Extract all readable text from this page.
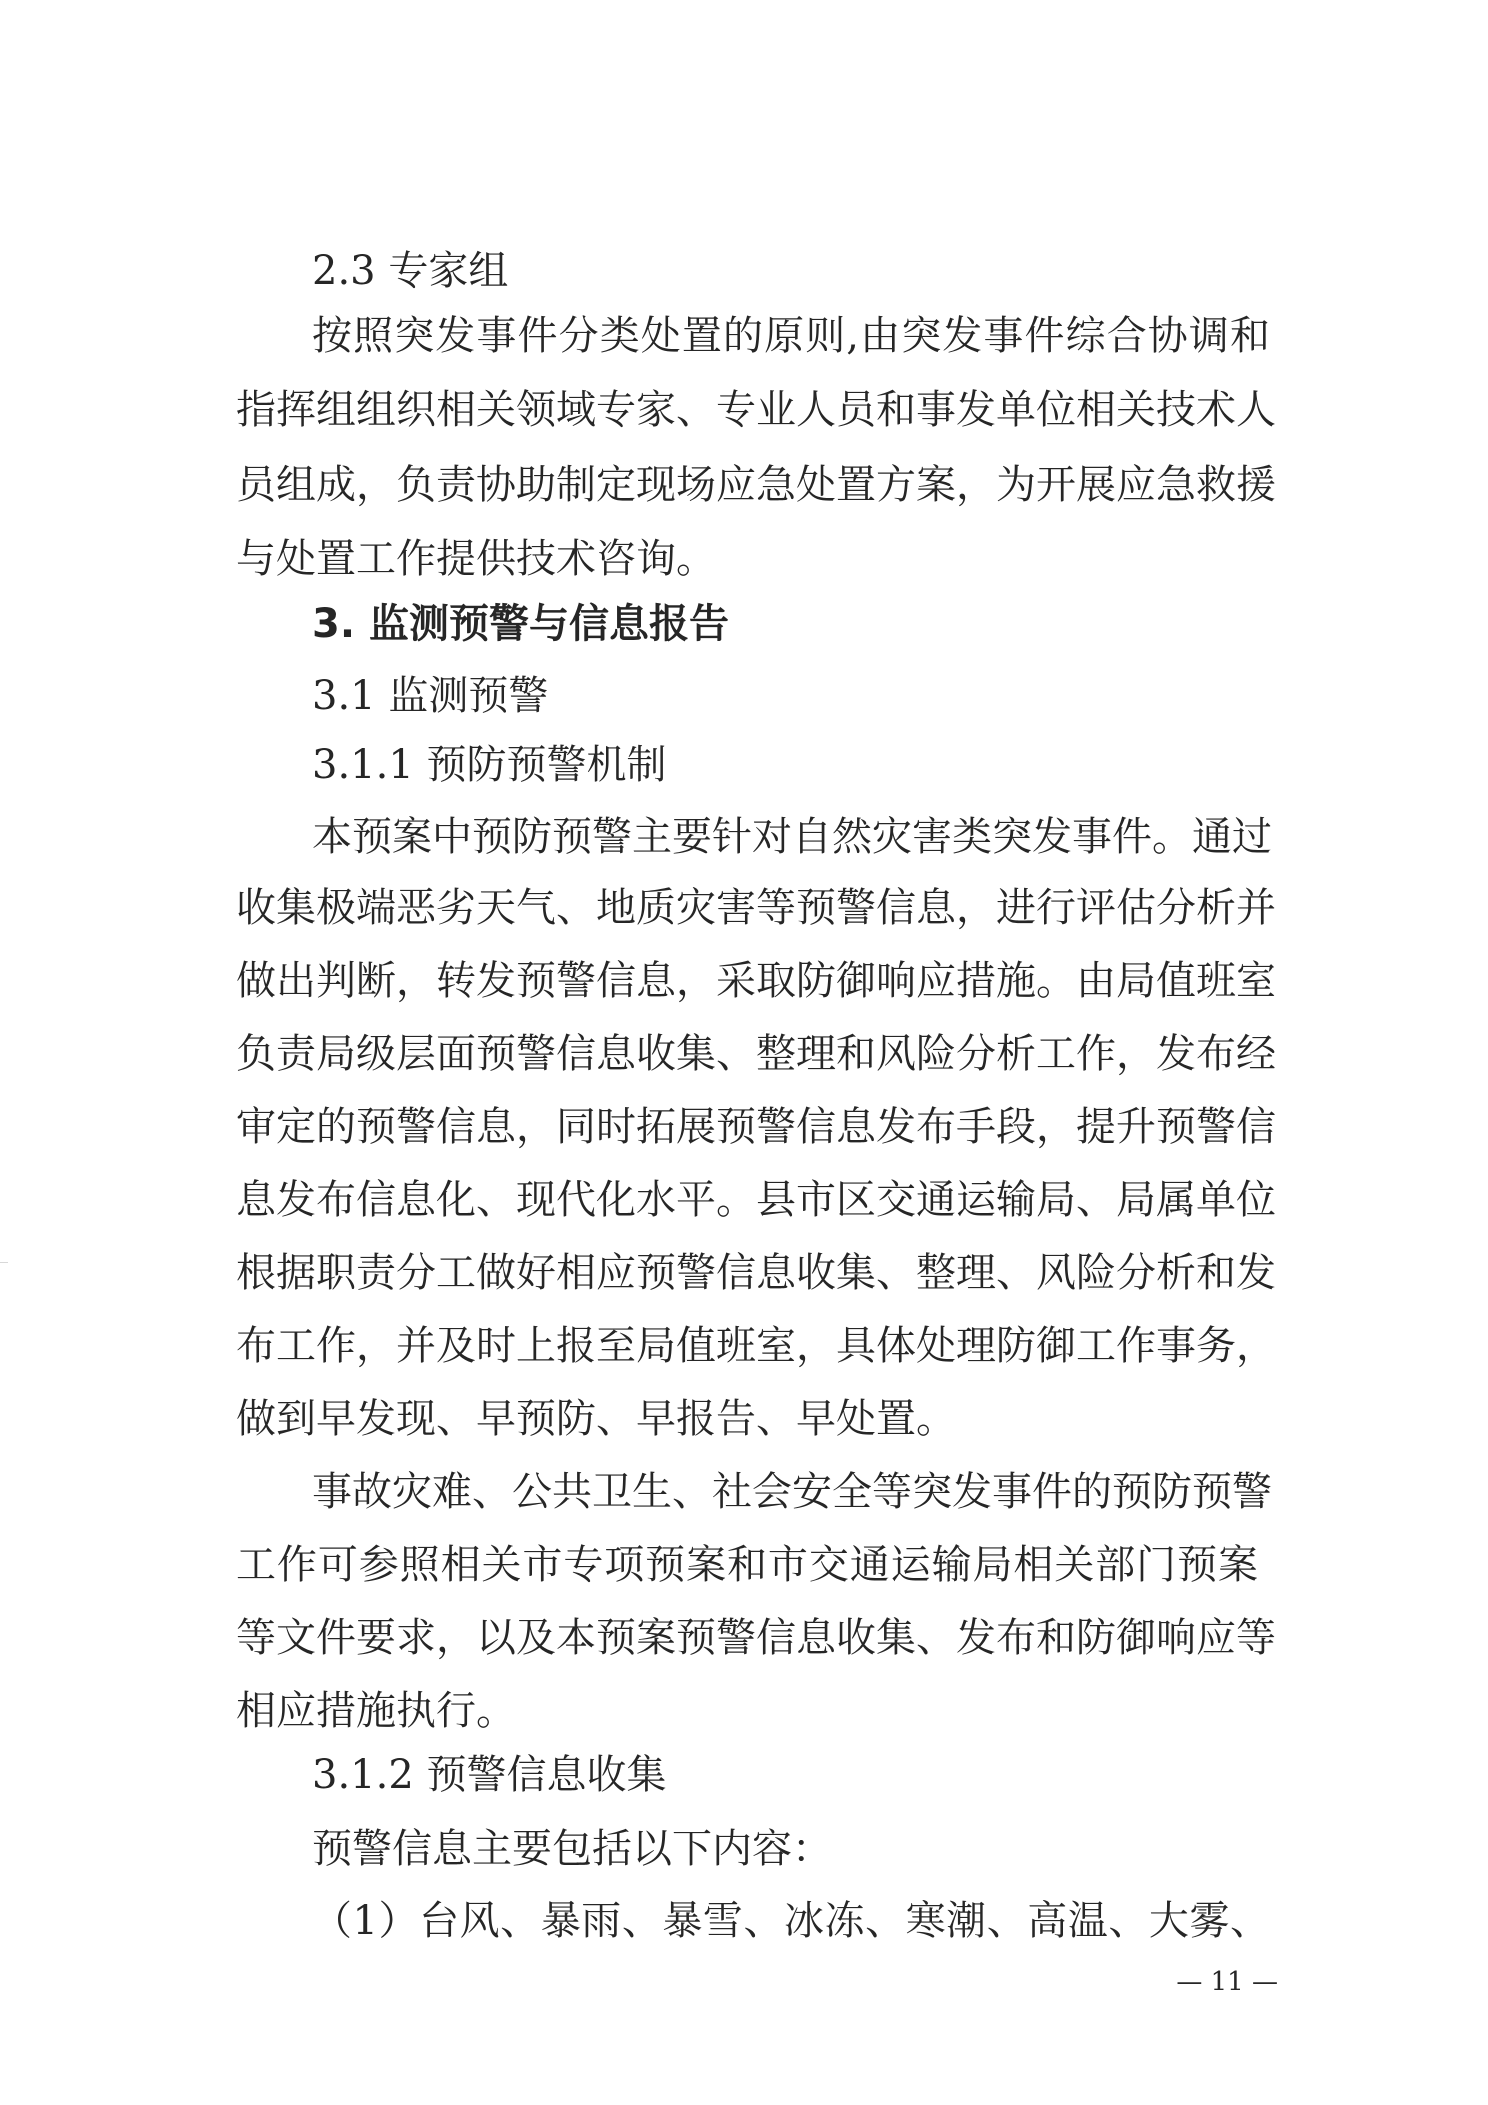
2.3 专家组
按照突发事件分类处置的原则,由突发事件综合协调和
指挥组组织相关领域专家、专业人员和事发单位相关技术人
员组成，负责协助制定现场应急处置方案，为开展应急救援
与处置工作提供技术咨询。
3. 监测预警与信息报告
3.1 监测预警
3.1.1 预防预警机制
本预案中预防预警主要针对自然灾害类突发事件。通过
收集极端恶劣天气、地质灾害等预警信息，进行评估分析并
做出判断，转发预警信息，采取防御响应措施。由局值班室
负责局级层面预警信息收集、整理和风险分析工作，发布经
审定的预警信息，同时拓展预警信息发布手段，提升预警信
息发布信息化、现代化水平。县市区交通运输局、局属单位
根据职责分工做好相应预警信息收集、整理、风险分析和发
布工作，并及时上报至局值班室，具体处理防御工作事务，
做到早发现、早预防、早报告、早处置。
事故灾难、公共卫生、社会安全等突发事件的预防预警
工作可参照相关市专项预案和市交通运输局相关部门预案
等文件要求，以及本预案预警信息收集、发布和防御响应等
相应措施执行。
3.1.2 预警信息收集
预警信息主要包括以下内容：
（1）台风、暴雨、暴雪、冰冻、寒潮、高温、大雾、
— 11 —
